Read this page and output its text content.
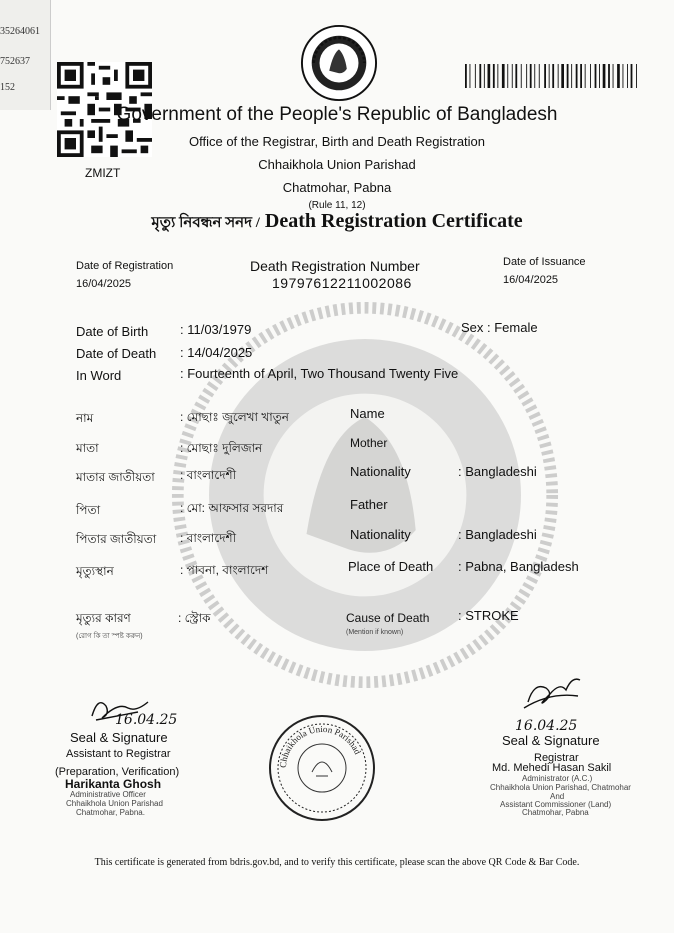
35264061
752637
152
ZMIZT
Government of the People's Republic of Bangladesh
Office of the Registrar, Birth and Death Registration
Chhaikhola Union Parishad
Chatmohar, Pabna
(Rule 11, 12)
মৃত্যু নিবন্ধন সনদ / Death Registration Certificate
Date of Registration
16/04/2025
Death Registration Number
19797612211002086
Date of Issuance
16/04/2025
Date of Birth : 11/03/1979	Sex : Female
Date of Death : 14/04/2025
In Word	: Fourteenth of April, Two Thousand Twenty Five
নাম	: মোছাঃ জুলেখা খাতুন	Name
মাতা	: মোছাঃ দুলিজান	Mother
মাতার জাতীয়তা : বাংলাদেশী	Nationality	: Bangladeshi
পিতা	: মো: আফসার সরদার	Father
পিতার জাতীয়তা : বাংলাদেশী	Nationality	: Bangladeshi
মৃত্যুস্থান	: পাবনা, বাংলাদেশ	Place of Death : Pabna, Bangladesh
মৃত্যুর কারণ
(রোগ কি তা স্পষ্ট করুন)
: স্ট্রোক	Cause of Death
(Mention if known)
: STROKE
16.04.25
Seal & Signature
Assistant to Registrar
(Preparation, Verification)
Harikanta Ghosh
Administrative Officer
Chhaikhola Union Parishad
Chatmohar, Pabna.
Chhaikhola Union Parishad
16.04.25
Seal & Signature
Registrar
Md. Mehedi Hasan Sakil
Administrator (A.C.)
Chhaikhola Union Parishad, Chatmohar
And
Assistant Commissioner (Land)
Chatmohar, Pabna
This certificate is generated from bdris.gov.bd, and to verify this certificate, please scan the above QR Code & Bar Code.
